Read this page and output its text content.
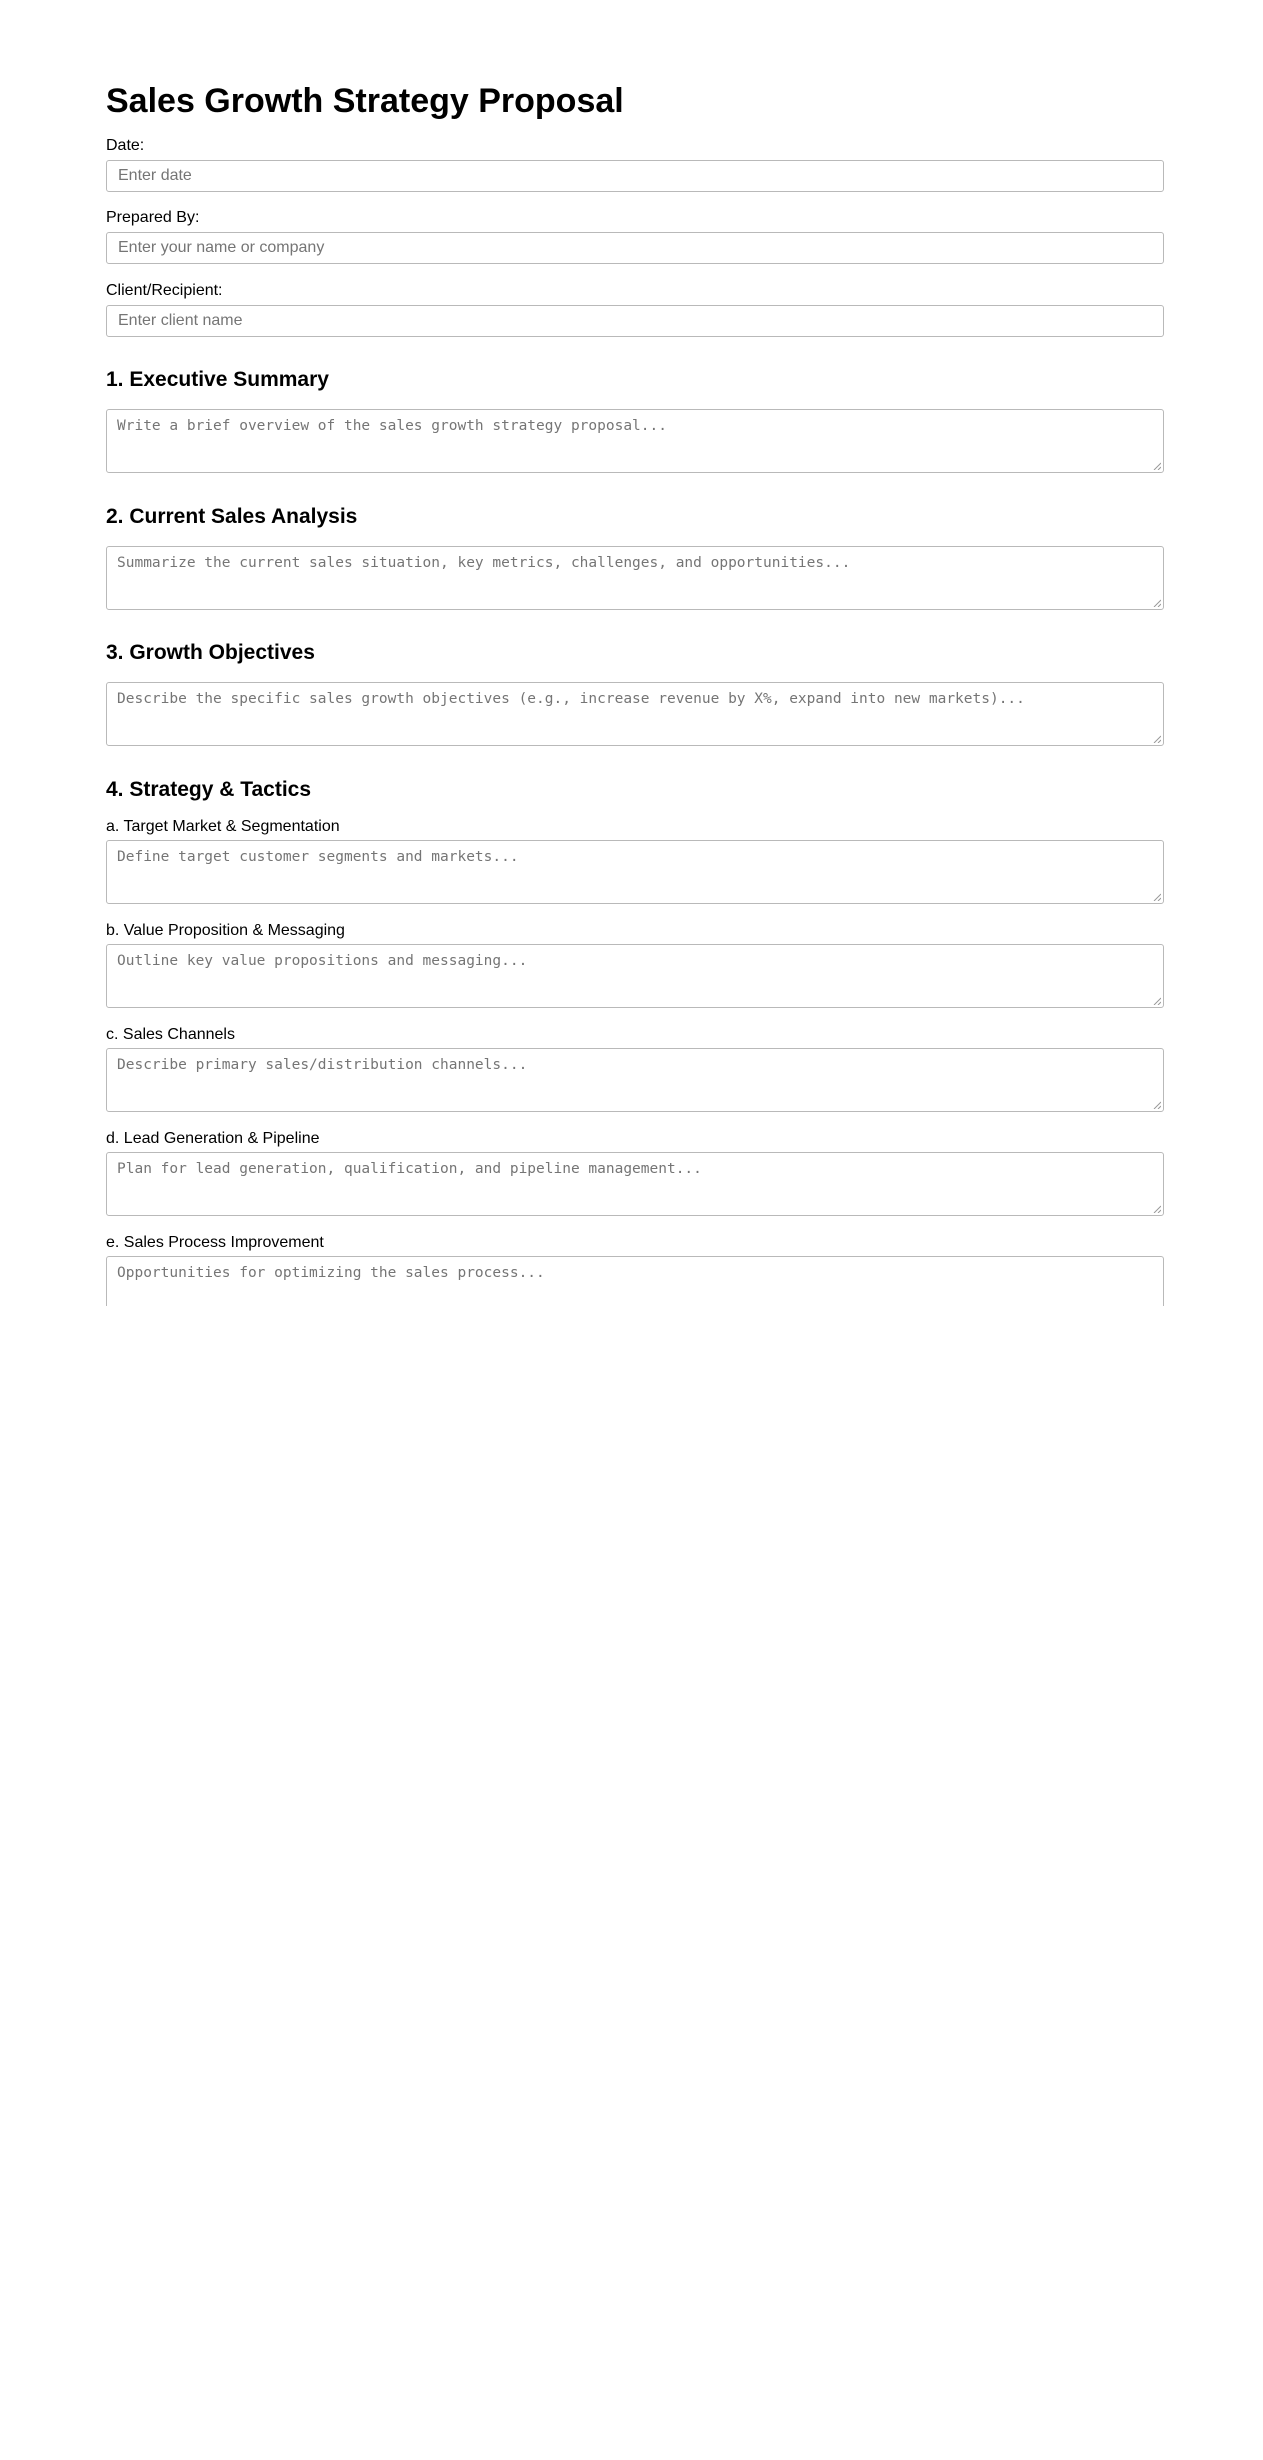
Sales Growth Strategy Proposal
Date:
Enter date
Prepared By:
Enter your name or company
Client/Recipient:
Enter client name
1. Executive Summary
Write a brief overview of the sales growth strategy proposal...
2. Current Sales Analysis
Summarize the current sales situation, key metrics, challenges, and opportunities...
3. Growth Objectives
Describe the specific sales growth objectives (e.g., increase revenue by X%, expand into new markets)...
4. Strategy & Tactics
a. Target Market & Segmentation
Define target customer segments and markets...
b. Value Proposition & Messaging
Outline key value propositions and messaging...
c. Sales Channels
Describe primary sales/distribution channels...
d. Lead Generation & Pipeline
Plan for lead generation, qualification, and pipeline management...
e. Sales Process Improvement
Opportunities for optimizing the sales process...
